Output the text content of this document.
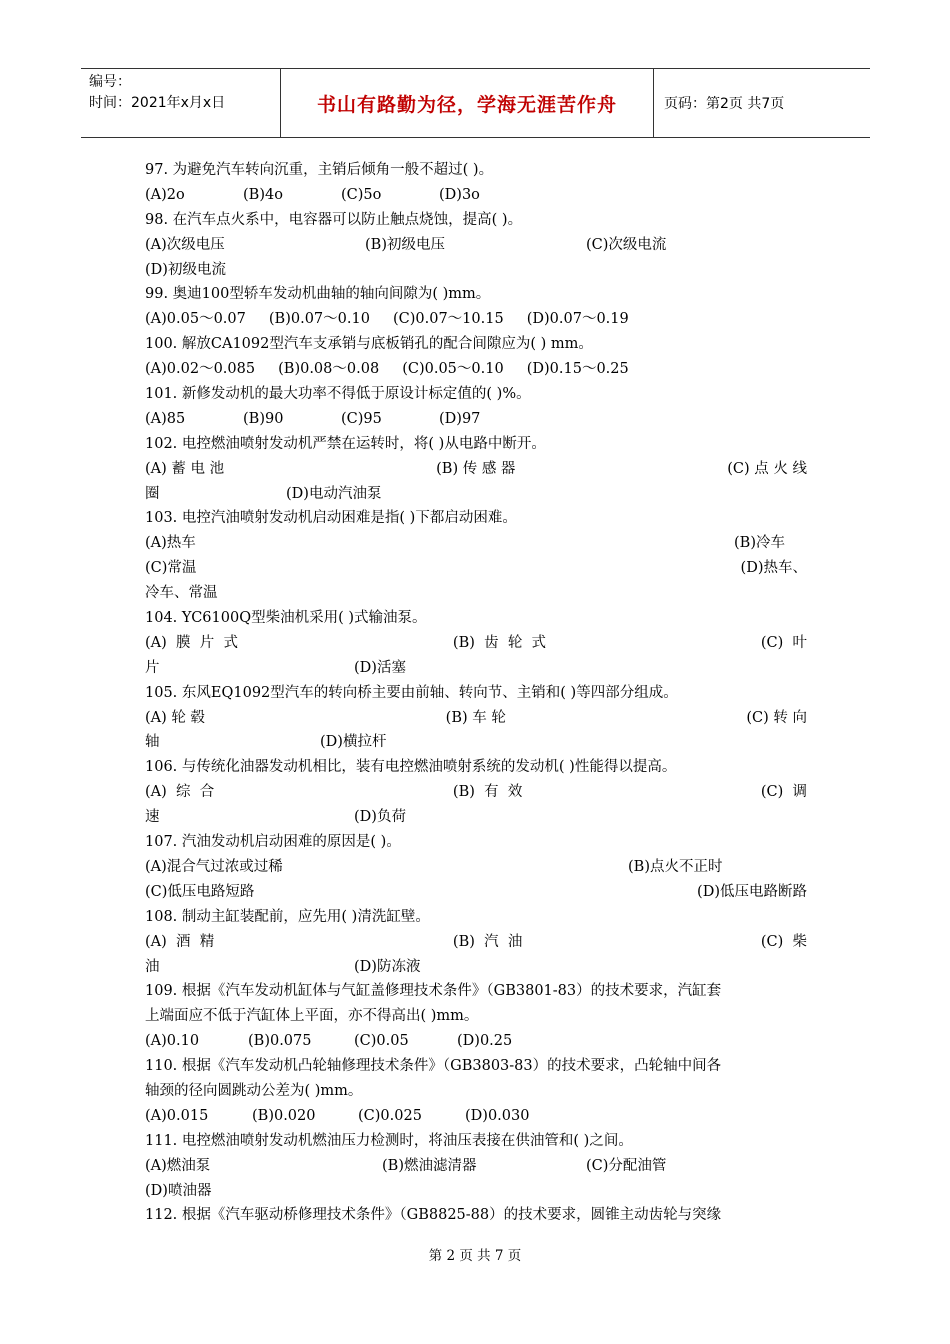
编号：
时间：2021年x月x日	书山有路勤为径，学海无涯苦作舟	页码：第2页 共7页
97. 为避免汽车转向沉重，主销后倾角一般不超过( )。
(A)2o	(B)4o	(C)5o	(D)3o
98. 在汽车点火系中，电容器可以防止触点烧蚀，提高( )。
(A)次级电压	(B)初级电压	(C)次级电流
(D)初级电流
99. 奥迪100型轿车发动机曲轴的轴向间隙为( )mm。
(A)0.05～0.07     (B)0.07～0.10     (C)0.07～10.15     (D)0.07～0.19
100. 解放CA1092型汽车支承销与底板销孔的配合间隙应为( ) mm。
(A)0.02～0.085     (B)0.08～0.08     (C)0.05～0.10     (D)0.15～0.25
101. 新修发动机的最大功率不得低于原设计标定值的( )%。
(A)85	(B)90	(C)95	(D)97
102. 电控燃油喷射发动机严禁在运转时，将( )从电路中断开。
(A) 蓄 电 池	(B) 传 感 器	(C) 点 火 线
圈	(D)电动汽油泵
103. 电控汽油喷射发动机启动困难是指( )下都启动困难。
(A)热车	(B)冷车
(C)常温	(D)热车、
冷车、常温
104. YC6100Q型柴油机采用( )式输油泵。
(A)  膜  片  式	(B)  齿  轮  式	(C)  叶
片	(D)活塞
105. 东风EQ1092型汽车的转向桥主要由前轴、转向节、主销和( )等四部分组成。
(A) 轮 毂	(B) 车 轮	(C) 转 向
轴	(D)横拉杆
106. 与传统化油器发动机相比，装有电控燃油喷射系统的发动机( )性能得以提高。
(A)  综  合	(B)  有  效	(C)  调
速	(D)负荷
107. 汽油发动机启动困难的原因是( )。
(A)混合气过浓或过稀	(B)点火不正时
(C)低压电路短路	(D)低压电路断路
108. 制动主缸装配前，应先用( )清洗缸壁。
(A)  酒  精	(B)  汽  油	(C)  柴
油	(D)防冻液
109. 根据《汽车发动机缸体与气缸盖修理技术条件》（GB3801-83）的技术要求，汽缸套
上端面应不低于汽缸体上平面，亦不得高出( )mm。
(A)0.10	(B)0.075	(C)0.05	(D)0.25
110. 根据《汽车发动机凸轮轴修理技术条件》（GB3803-83）的技术要求，凸轮轴中间各
轴颈的径向圆跳动公差为( )mm。
(A)0.015	(B)0.020	(C)0.025	(D)0.030
111. 电控燃油喷射发动机燃油压力检测时，将油压表接在供油管和( )之间。
(A)燃油泵	(B)燃油滤清器	(C)分配油管
(D)喷油器
112. 根据《汽车驱动桥修理技术条件》（GB8825-88）的技术要求，圆锥主动齿轮与突缘
第 2 页 共 7 页
